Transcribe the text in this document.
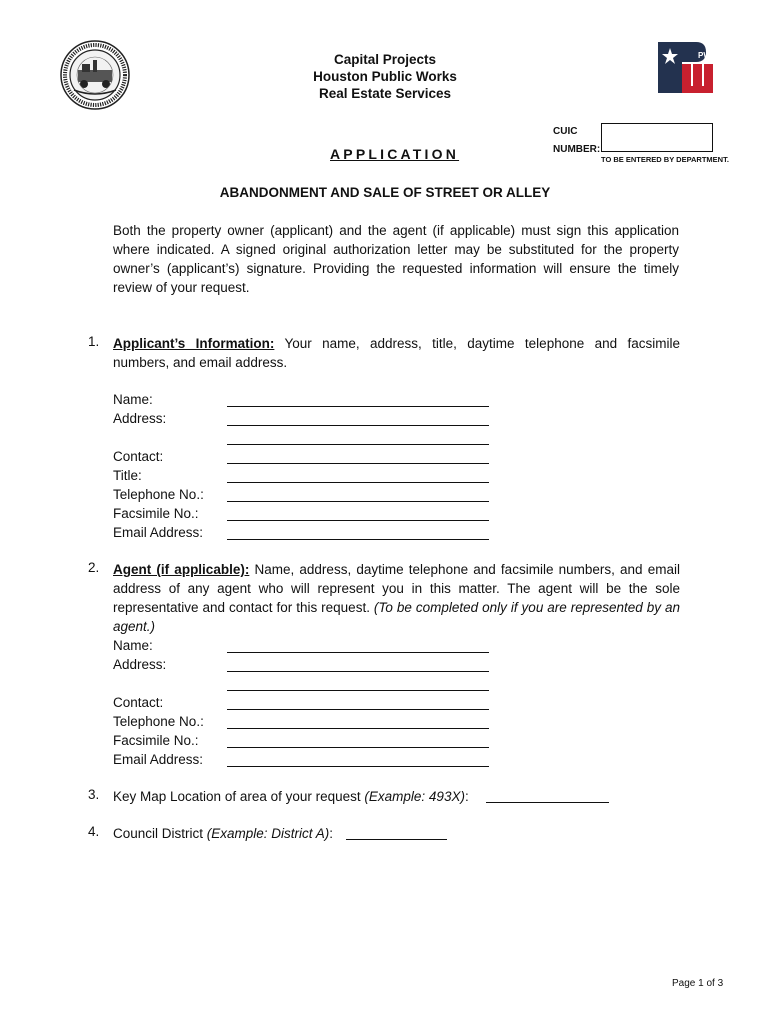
PW
Capital Projects
Houston Public Works
Real Estate Services
CUIC
NUMBER:
TO BE ENTERED BY DEPARTMENT.
APPLICATION
ABANDONMENT AND SALE OF STREET OR ALLEY
Both the property owner (applicant) and the agent (if applicable) must sign this application where indicated. A signed original authorization letter may be substituted for the property owner’s (applicant’s) signature. Providing the requested information will ensure the timely review of your request.
1. Applicant’s Information: Your name, address, title, daytime telephone and facsimile numbers, and email address.
Name:
Address:
Contact:
Title:
Telephone No.:
Facsimile No.:
Email Address:
2. Agent (if applicable): Name, address, daytime telephone and facsimile numbers, and email address of any agent who will represent you in this matter. The agent will be the sole representative and contact for this request. (To be completed only if you are represented by an agent.)
Name:
Address:
Contact:
Telephone No.:
Facsimile No.:
Email Address:
3. Key Map Location of area of your request (Example: 493X):
4. Council District (Example: District A):
Page 1 of 3
